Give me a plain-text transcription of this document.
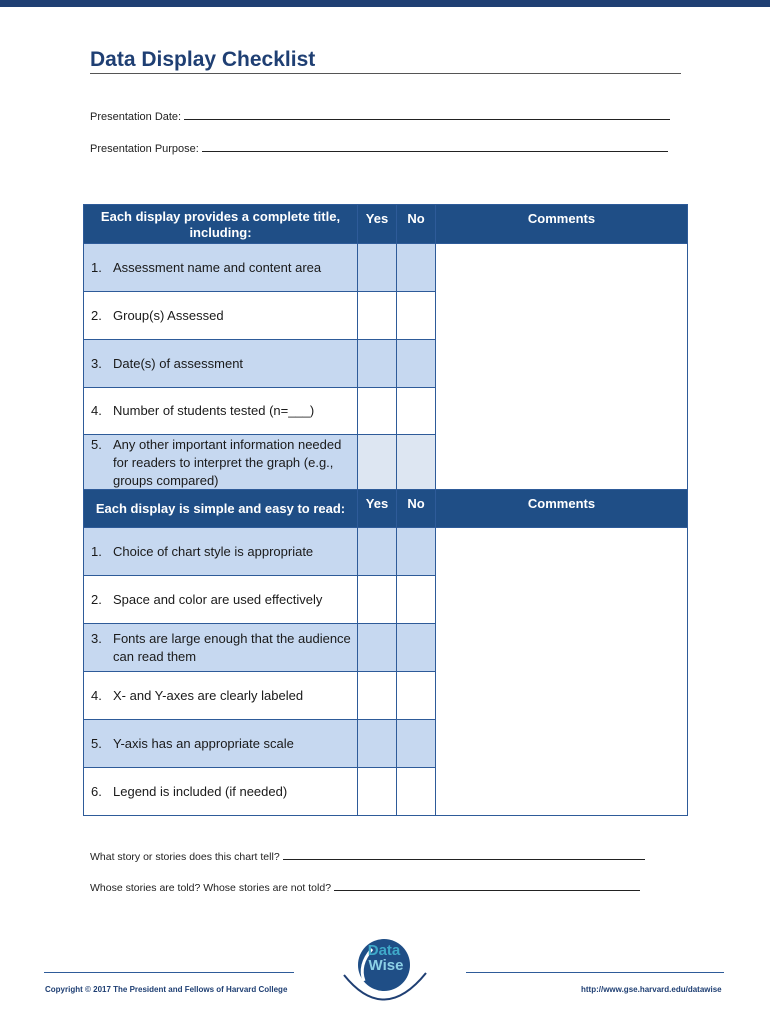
Data Display Checklist
Presentation Date:
Presentation Purpose:
Each display provides a complete title, including:	Yes	No	Comments

1. Assessment name and content area			

2. Group(s) Assessed			

3. Date(s) of assessment			

4. Number of students tested (n=___)			

5. Any other important information needed for readers to interpret the graph (e.g., groups compared)			

Each display is simple and easy to read:	Yes	No	Comments

1. Choice of chart style is appropriate			

2. Space and color are used effectively			

3. Fonts are large enough that the audience can read them			

4. X- and Y-axes are clearly labeled			

5. Y-axis has an appropriate scale			

6. Legend is included (if needed)			

What story or stories does this chart tell?
Whose stories are told? Whose stories are not told?
Data
Wise
Copyright © 2017 The President and Fellows of Harvard College	http://www.gse.harvard.edu/datawise
